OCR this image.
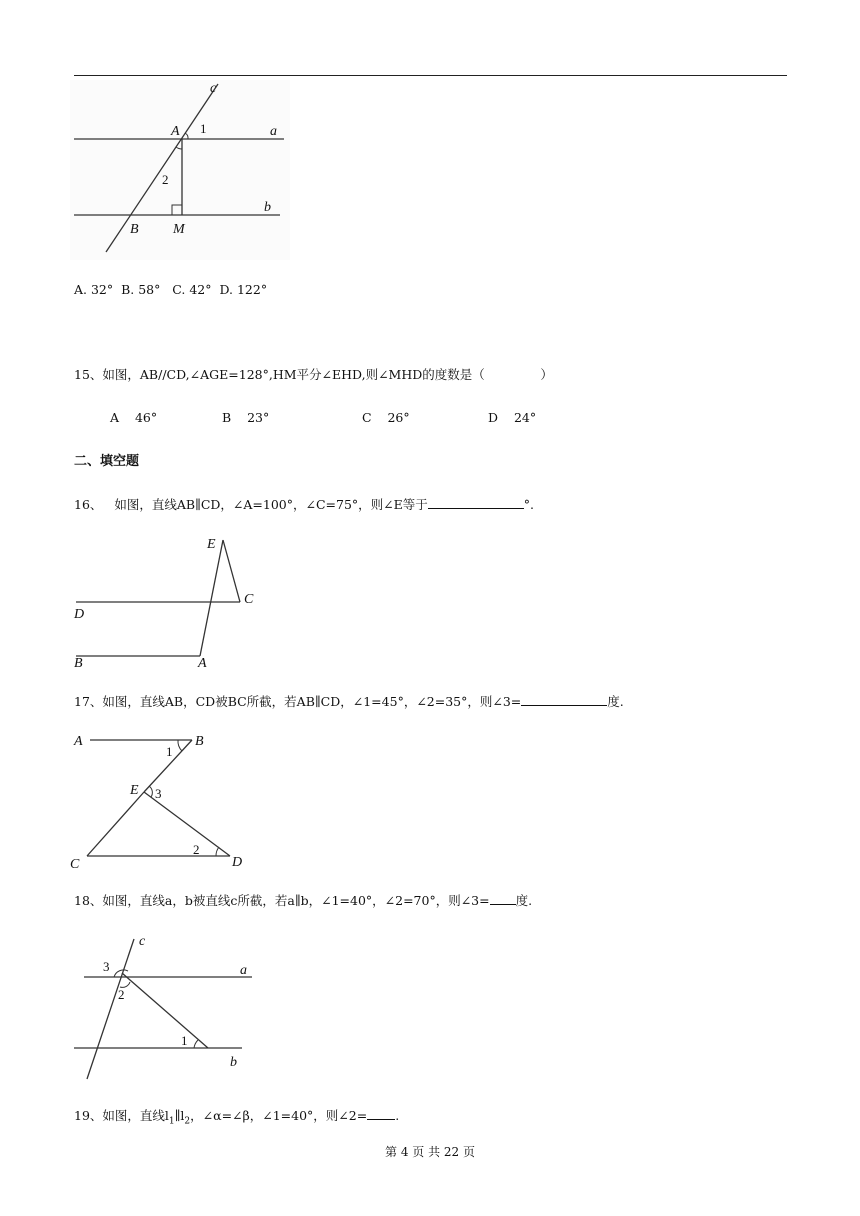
c
a
b
A
B M
1
2
A. 32°  B. 58°   C. 42°  D. 122°
15、如图，AB//CD,∠AGE=128°,HM平分∠EHD,则∠MHD的度数是（              ）
A 46°	B 23°	C 26°	D 24°
二、填空题
16、   如图，直线AB∥CD，∠A=100°，∠C=75°，则∠E等于	°.
E
C
D
B	A
17、如图，直线AB，CD被BC所截，若AB∥CD，∠1=45°，∠2=35°，则∠3=	度.
A	B
E
C	D
1
2
3
18、如图，直线a，b被直线c所截，若a∥b，∠1=40°，∠2=70°，则∠3= 度.
c
a
b
1
2
3
19、如图，直线$l_1\parallel l_2$，∠α=∠β，∠1=40°，则∠2= .
第 4 页 共 22 页
